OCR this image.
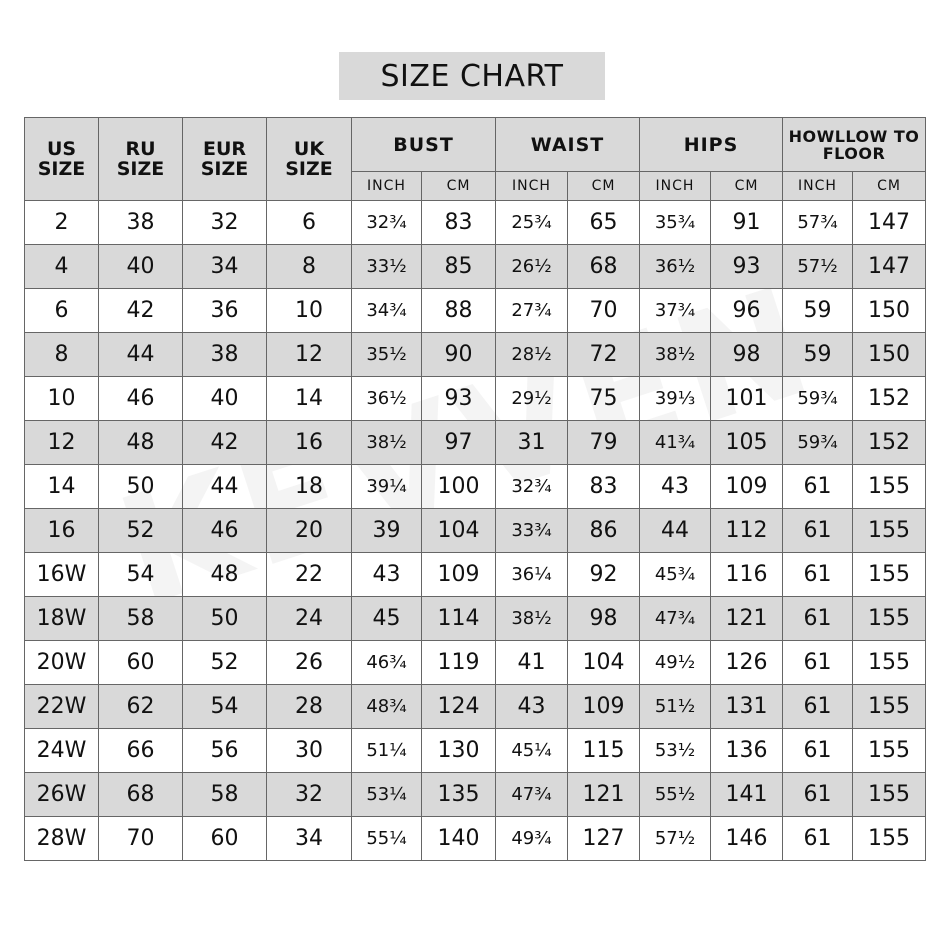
SIZE CHART
US SIZE	RU SIZE	EUR SIZE	UK SIZE	BUST		WAIST		HIPS		HOWLLOW TO FLOOR	
				INCH	CM	INCH	CM	INCH	CM	INCH	CM
2	38	32	6	32¾	83	25¾	65	35¾	91	57¾	147
4	40	34	8	33½	85	26½	68	36½	93	57½	147
6	42	36	10	34¾	88	27¾	70	37¾	96	59	150
8	44	38	12	35½	90	28½	72	38½	98	59	150
10	46	40	14	36½	93	29½	75	39⅓	101	59¾	152
12	48	42	16	38½	97	31	79	41¾	105	59¾	152
14	50	44	18	39¼	100	32¾	83	43	109	61	155
16	52	46	20	39	104	33¾	86	44	112	61	155
16W	54	48	22	43	109	36¼	92	45¾	116	61	155
18W	58	50	24	45	114	38½	98	47¾	121	61	155
20W	60	52	26	46¾	119	41	104	49½	126	61	155
22W	62	54	28	48¾	124	43	109	51½	131	61	155
24W	66	56	30	51¼	130	45¼	115	53½	136	61	155
26W	68	58	32	53¼	135	47¾	121	55½	141	61	155
28W	70	60	34	55¼	140	49¾	127	57½	146	61	155
